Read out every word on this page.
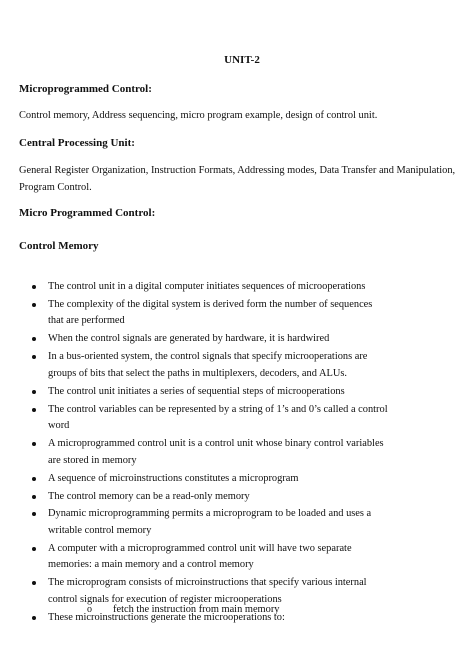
UNIT-2
Microprogrammed Control:
Control memory, Address sequencing, micro program example, design of control unit.
Central Processing Unit:
General Register Organization, Instruction Formats, Addressing modes, Data Transfer and Manipulation, Program Control.
Micro Programmed Control:
Control Memory
The control unit in a digital computer initiates sequences of microoperations
The complexity of the digital system is derived form the number of sequences that are performed
When the control signals are generated by hardware, it is hardwired
In a bus-oriented system, the control signals that specify microoperations are groups of bits that select the paths in multiplexers, decoders, and ALUs.
The control unit initiates a series of sequential steps of microoperations
The control variables can be represented by a string of 1’s and 0’s called a control word
A microprogrammed control unit is a control unit whose binary control variables are stored in memory
A sequence of microinstructions constitutes a microprogram
The control memory can be a read-only memory
Dynamic microprogramming permits a microprogram to be loaded and uses a writable control memory
A computer with a microprogrammed control unit will have two separate memories: a main memory and a control memory
The microprogram consists of microinstructions that specify various internal control signals for execution of register microoperations
These microinstructions generate the microoperations to:
o fetch the instruction from main memory
